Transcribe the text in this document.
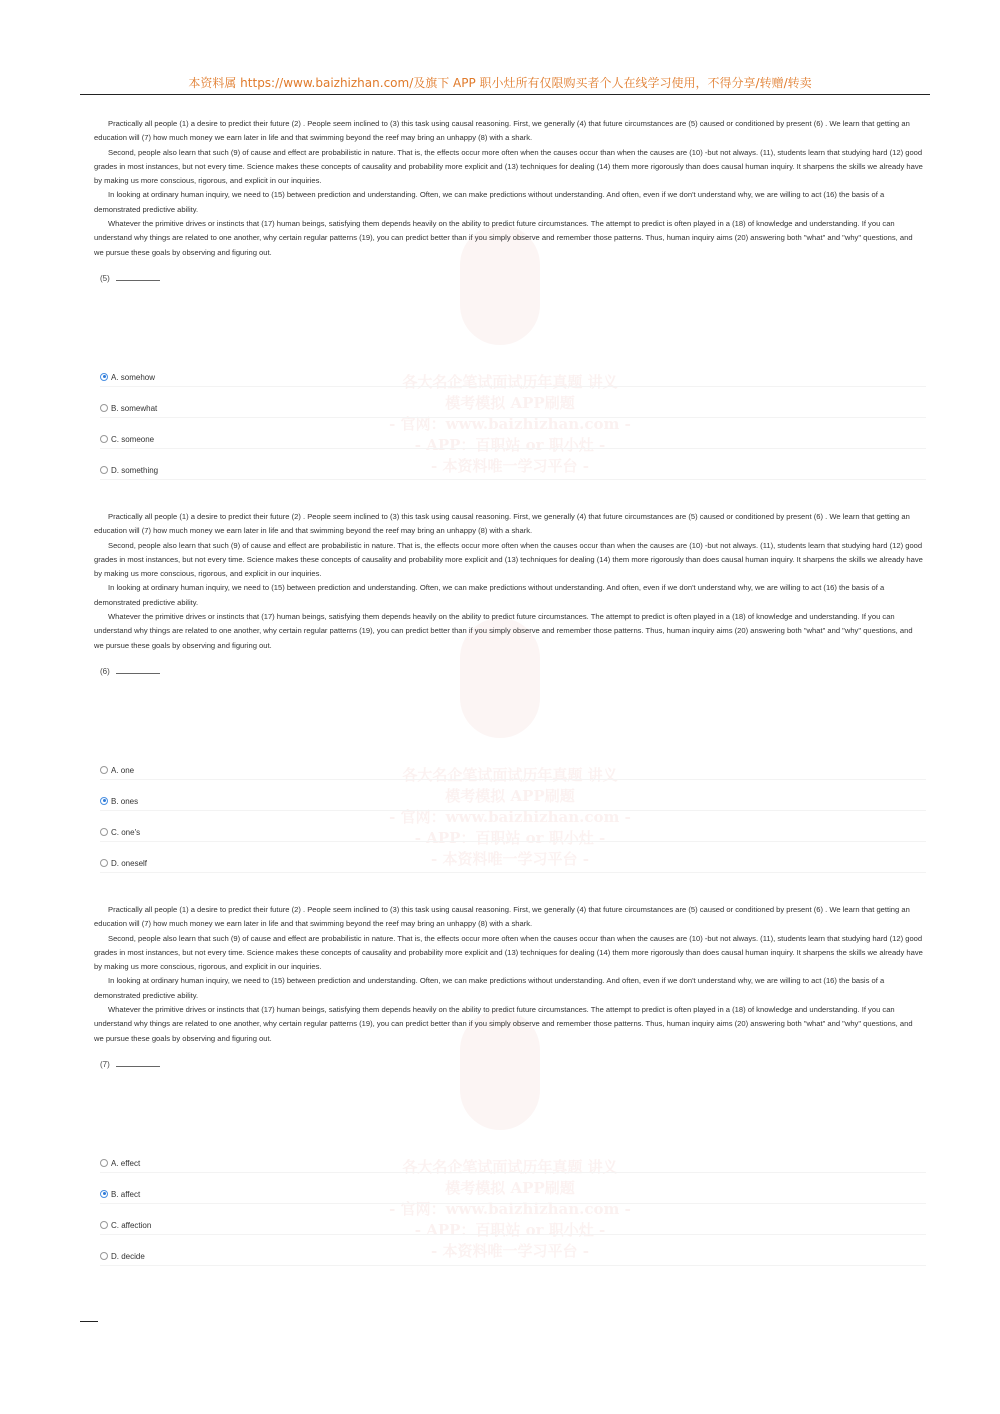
本资料属 https://www.baizhizhan.com/及旗下 APP 职小灶所有仅限购买者个人在线学习使用，不得分享/转赠/转卖
各大名企笔试面试历年真题 讲义
模考模拟 APP刷题
- 官网：www.baizhizhan.com -
- APP：百职站 or 职小灶 -
- 本资料唯一学习平台 -

Practically all people (1) a desire to predict their future (2) . People seem inclined to (3) this task using causal reasoning. First, we generally (4) that future circumstances are (5) caused or conditioned by present (6) . We learn that getting an education will (7) how much money we earn later in life and that swimming beyond the reef may bring an unhappy (8) with a shark.

Second, people also learn that such (9) of cause and effect are probabilistic in nature. That is, the effects occur more often when the causes occur than when the causes are (10) -but not always. (11), students learn that studying hard (12) good grades in most instances, but not every time. Science makes these concepts of causality and probability more explicit and (13) techniques for dealing (14) them more rigorously than does causal human inquiry. It sharpens the skills we already have by making us more conscious, rigorous, and explicit in our inquiries.

In looking at ordinary human inquiry, we need to (15) between prediction and understanding. Often, we can make predictions without understanding. And often, even if we don't understand why, we are willing to act (16) the basis of a demonstrated predictive ability.

Whatever the primitive drives or instincts that (17) human beings, satisfying them depends heavily on the ability to predict future circumstances. The attempt to predict is often played in a (18) of knowledge and understanding. If you can understand why things are related to one another, why certain regular patterns (19), you can predict better than if you simply observe and remember those patterns. Thus, human inquiry aims (20) answering both "what" and "why" questions, and we pursue these goals by observing and figuring out.

(5)
A. somehow
B. somewhat
C. someone
D. something
各大名企笔试面试历年真题 讲义
模考模拟 APP刷题
- 官网：www.baizhizhan.com -
- APP：百职站 or 职小灶 -
- 本资料唯一学习平台 -

Practically all people (1) a desire to predict their future (2) . People seem inclined to (3) this task using causal reasoning. First, we generally (4) that future circumstances are (5) caused or conditioned by present (6) . We learn that getting an education will (7) how much money we earn later in life and that swimming beyond the reef may bring an unhappy (8) with a shark.

Second, people also learn that such (9) of cause and effect are probabilistic in nature. That is, the effects occur more often when the causes occur than when the causes are (10) -but not always. (11), students learn that studying hard (12) good grades in most instances, but not every time. Science makes these concepts of causality and probability more explicit and (13) techniques for dealing (14) them more rigorously than does causal human inquiry. It sharpens the skills we already have by making us more conscious, rigorous, and explicit in our inquiries.

In looking at ordinary human inquiry, we need to (15) between prediction and understanding. Often, we can make predictions without understanding. And often, even if we don't understand why, we are willing to act (16) the basis of a demonstrated predictive ability.

Whatever the primitive drives or instincts that (17) human beings, satisfying them depends heavily on the ability to predict future circumstances. The attempt to predict is often played in a (18) of knowledge and understanding. If you can understand why things are related to one another, why certain regular patterns (19), you can predict better than if you simply observe and remember those patterns. Thus, human inquiry aims (20) answering both "what" and "why" questions, and we pursue these goals by observing and figuring out.

(6)
A. one
B. ones
C. one's
D. oneself
各大名企笔试面试历年真题 讲义
模考模拟 APP刷题
- 官网：www.baizhizhan.com -
- APP：百职站 or 职小灶 -
- 本资料唯一学习平台 -

Practically all people (1) a desire to predict their future (2) . People seem inclined to (3) this task using causal reasoning. First, we generally (4) that future circumstances are (5) caused or conditioned by present (6) . We learn that getting an education will (7) how much money we earn later in life and that swimming beyond the reef may bring an unhappy (8) with a shark.

Second, people also learn that such (9) of cause and effect are probabilistic in nature. That is, the effects occur more often when the causes occur than when the causes are (10) -but not always. (11), students learn that studying hard (12) good grades in most instances, but not every time. Science makes these concepts of causality and probability more explicit and (13) techniques for dealing (14) them more rigorously than does causal human inquiry. It sharpens the skills we already have by making us more conscious, rigorous, and explicit in our inquiries.

In looking at ordinary human inquiry, we need to (15) between prediction and understanding. Often, we can make predictions without understanding. And often, even if we don't understand why, we are willing to act (16) the basis of a demonstrated predictive ability.

Whatever the primitive drives or instincts that (17) human beings, satisfying them depends heavily on the ability to predict future circumstances. The attempt to predict is often played in a (18) of knowledge and understanding. If you can understand why things are related to one another, why certain regular patterns (19), you can predict better than if you simply observe and remember those patterns. Thus, human inquiry aims (20) answering both "what" and "why" questions, and we pursue these goals by observing and figuring out.

(7)
A. effect
B. affect
C. affection
D. decide
